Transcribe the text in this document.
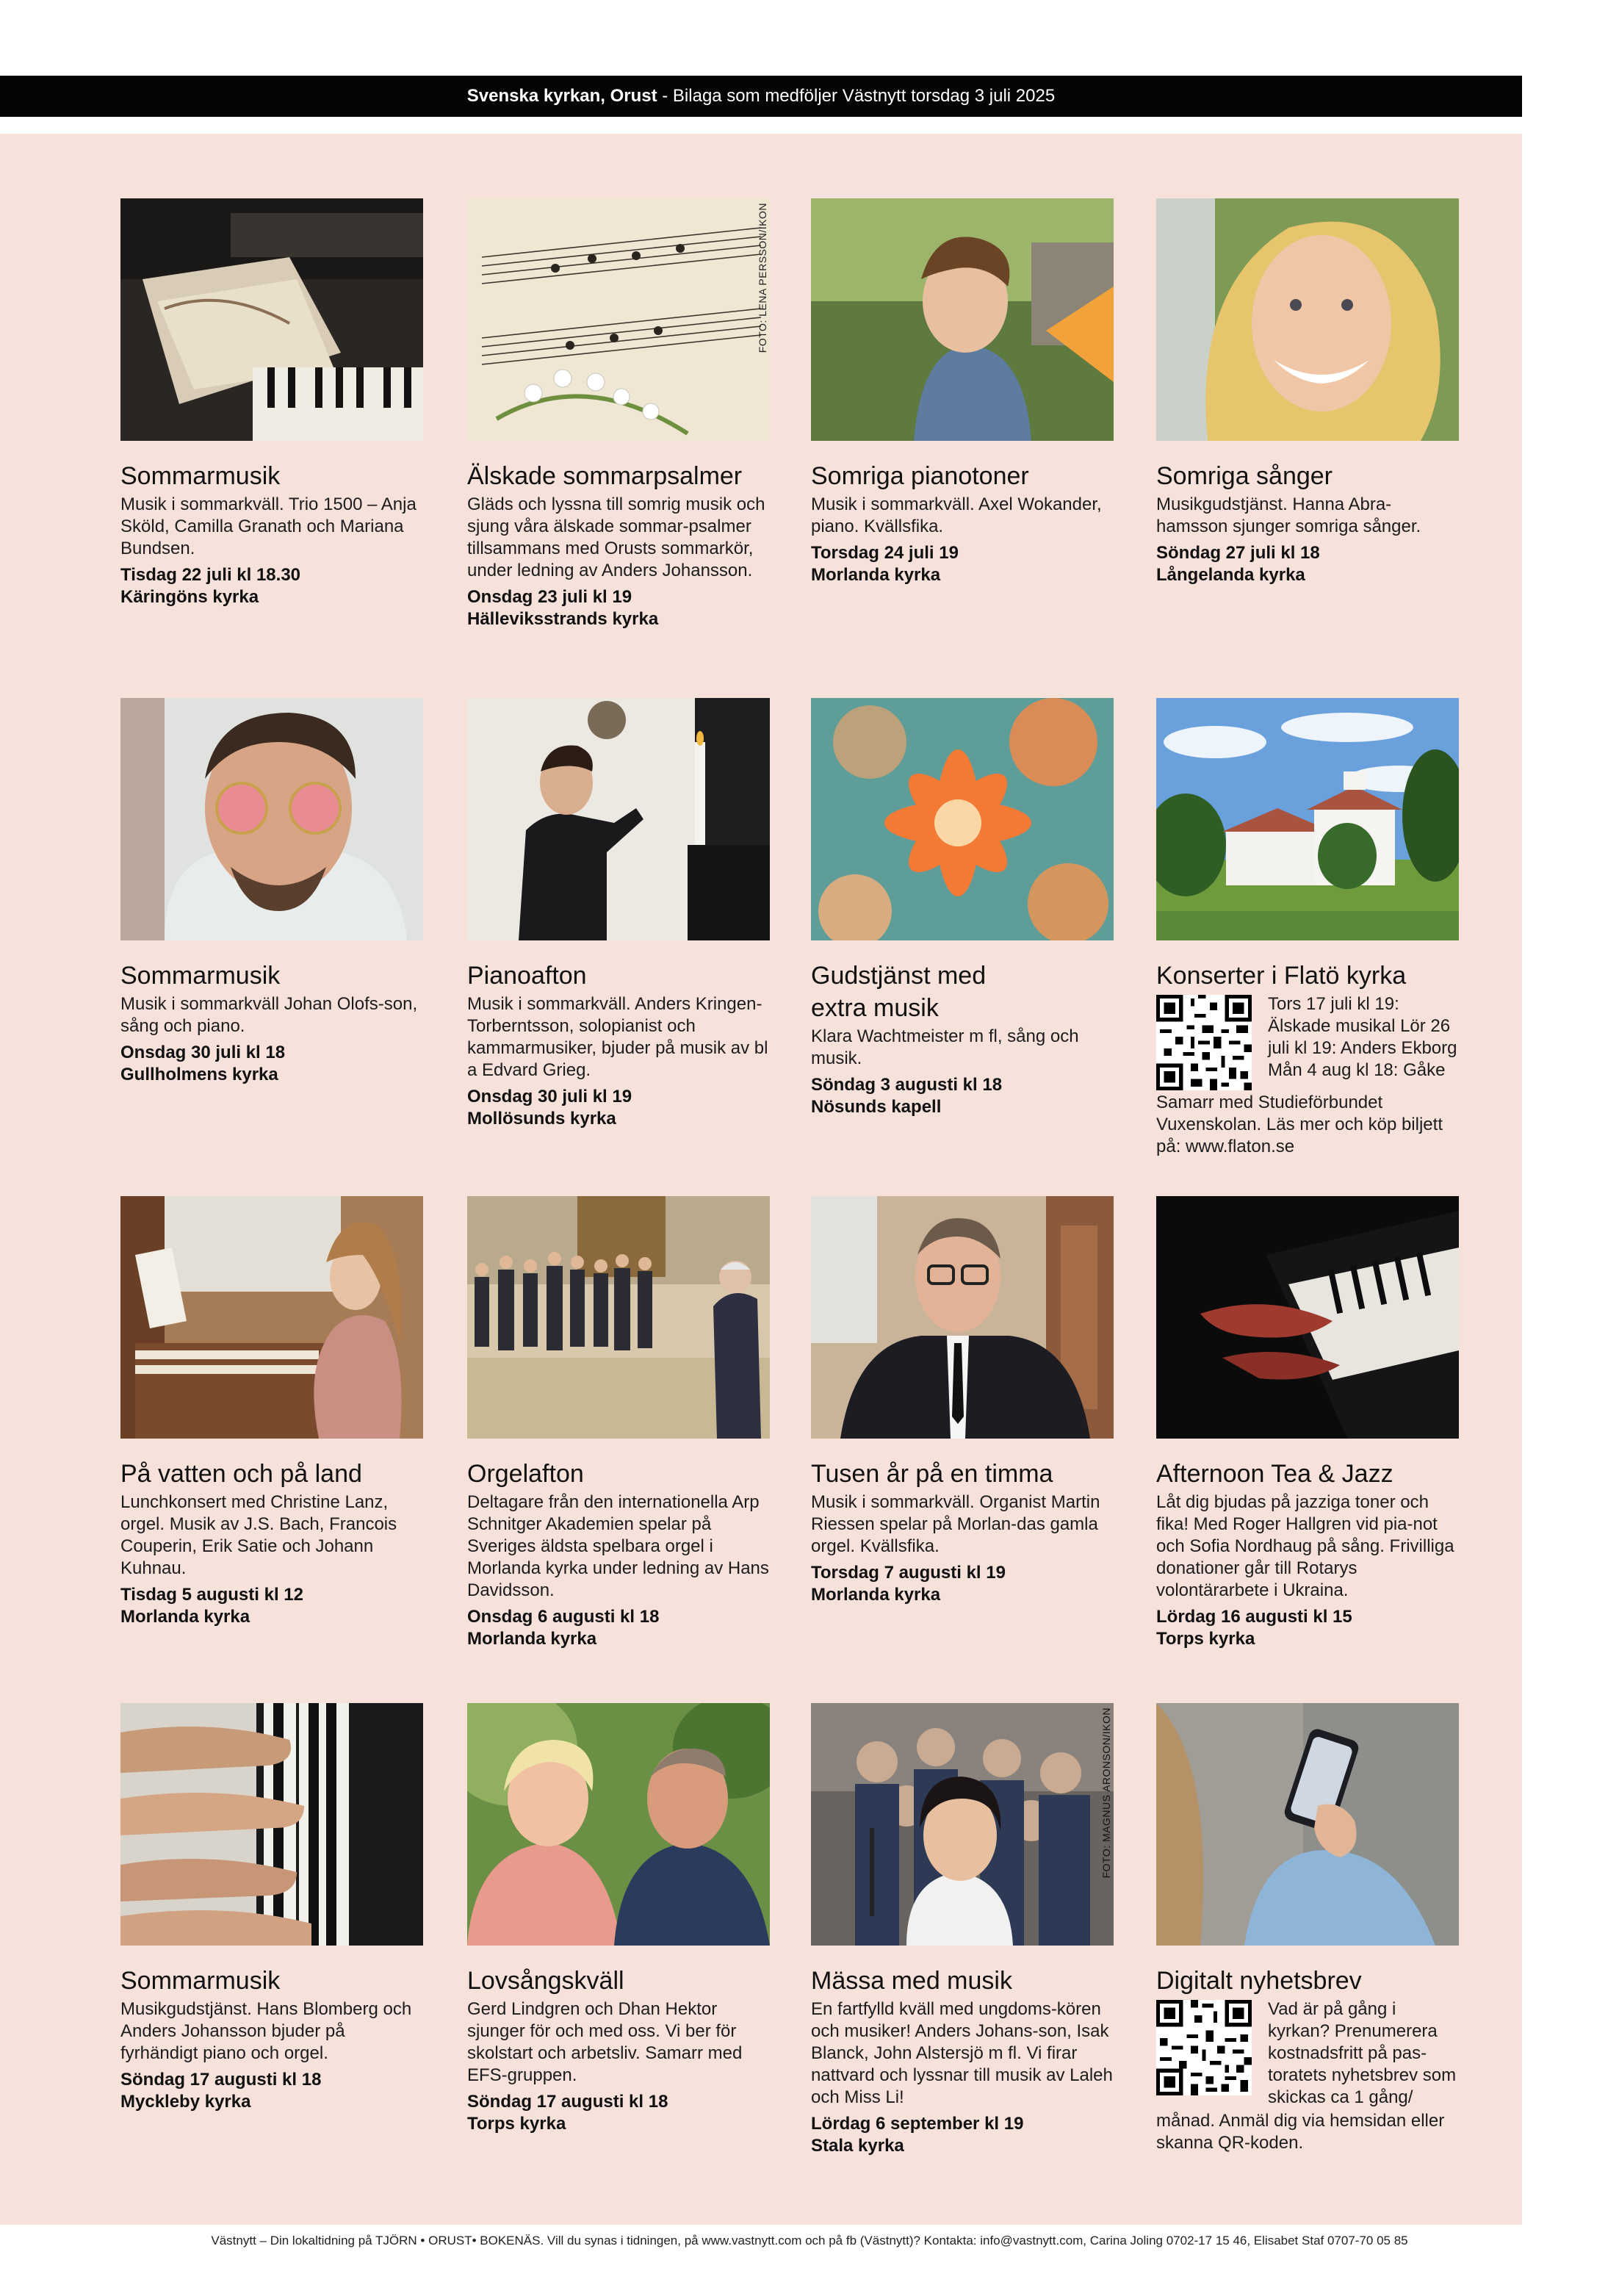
Svenska kyrkan, Orust - Bilaga som medföljer Västnytt torsdag 3 juli 2025
Sommarmusik
Musik i sommarkväll. Trio 1500 – Anja Sköld, Camilla Granath och Mariana Bundsen.
Tisdag 22 juli kl 18.30
Käringöns kyrka
FOTO: LENA PERSSON/IKON
Älskade sommarpsalmer
Gläds och lyssna till somrig musik och sjung våra älskade sommar-psalmer tillsammans med Orusts sommarkör, under ledning av Anders Johansson.
Onsdag 23 juli kl 19
Hälleviksstrands kyrka
Somriga pianotoner
Musik i sommarkväll. Axel Wokander, piano. Kvällsfika.
Torsdag 24 juli 19
Morlanda kyrka
Somriga sånger
Musikgudstjänst. Hanna Abra-hamsson sjunger somriga sånger.
Söndag 27 juli kl 18
Långelanda kyrka
Sommarmusik
Musik i sommarkväll Johan Olofs-son, sång och piano.
Onsdag 30 juli kl 18
Gullholmens kyrka
Pianoafton
Musik i sommarkväll. Anders Kringen-Torberntsson, solopianist och kammarmusiker, bjuder på musik av bl a Edvard Grieg.
Onsdag 30 juli kl 19
Mollösunds kyrka
Gudstjänst med extra musik
Klara Wachtmeister m fl, sång och musik.
Söndag 3 augusti kl 18
Nösunds kapell
Konserter i Flatö kyrka
Tors 17 juli kl 19: Älskade musikal Lör 26 juli kl 19: Anders Ekborg Mån 4 aug kl 18: Gåke
Samarr med Studieförbundet Vuxenskolan. Läs mer och köp biljett på: www.flaton.se
På vatten och på land
Lunchkonsert med Christine Lanz, orgel. Musik av J.S. Bach, Francois Couperin, Erik Satie och Johann Kuhnau.
Tisdag 5 augusti kl 12
Morlanda kyrka
Orgelafton
Deltagare från den internationella Arp Schnitger Akademien spelar på Sveriges äldsta spelbara orgel i Morlanda kyrka under ledning av Hans Davidsson.
Onsdag 6 augusti kl 18
Morlanda kyrka
Tusen år på en timma
Musik i sommarkväll. Organist Martin Riessen spelar på Morlan-das gamla orgel. Kvällsfika.
Torsdag 7 augusti kl 19
Morlanda kyrka
Afternoon Tea & Jazz
Låt dig bjudas på jazziga toner och fika! Med Roger Hallgren vid pia-not och Sofia Nordhaug på sång. Frivilliga donationer går till Rotarys volontärarbete i Ukraina.
Lördag 16 augusti kl 15
Torps kyrka
Sommarmusik
Musikgudstjänst. Hans Blomberg och Anders Johansson bjuder på fyrhändigt piano och orgel.
Söndag 17 augusti kl 18
Myckleby kyrka
Lovsångskväll
Gerd Lindgren och Dhan Hektor sjunger för och med oss. Vi ber för skolstart och arbetsliv. Samarr med EFS-gruppen.
Söndag 17 augusti kl 18
Torps kyrka
FOTO: MAGNUS ARONSON/IKON
Mässa med musik
En fartfylld kväll med ungdoms-kören och musiker! Anders Johans-son, Isak Blanck, John Alstersjö m fl. Vi firar nattvard och lyssnar till musik av Laleh och Miss Li!
Lördag 6 september kl 19
Stala kyrka
Digitalt nyhetsbrev
Vad är på gång i kyrkan? Prenumerera kostnadsfritt på pas-toratets nyhetsbrev som skickas ca 1 gång/
månad. Anmäl dig via hemsidan eller skanna QR-koden.
Västnytt – Din lokaltidning på TJÖRN • ORUST• BOKENÄS. Vill du synas i tidningen, på www.vastnytt.com och på fb (Västnytt)? Kontakta: info@vastnytt.com, Carina Joling 0702-17 15 46, Elisabet Staf 0707-70 05 85
